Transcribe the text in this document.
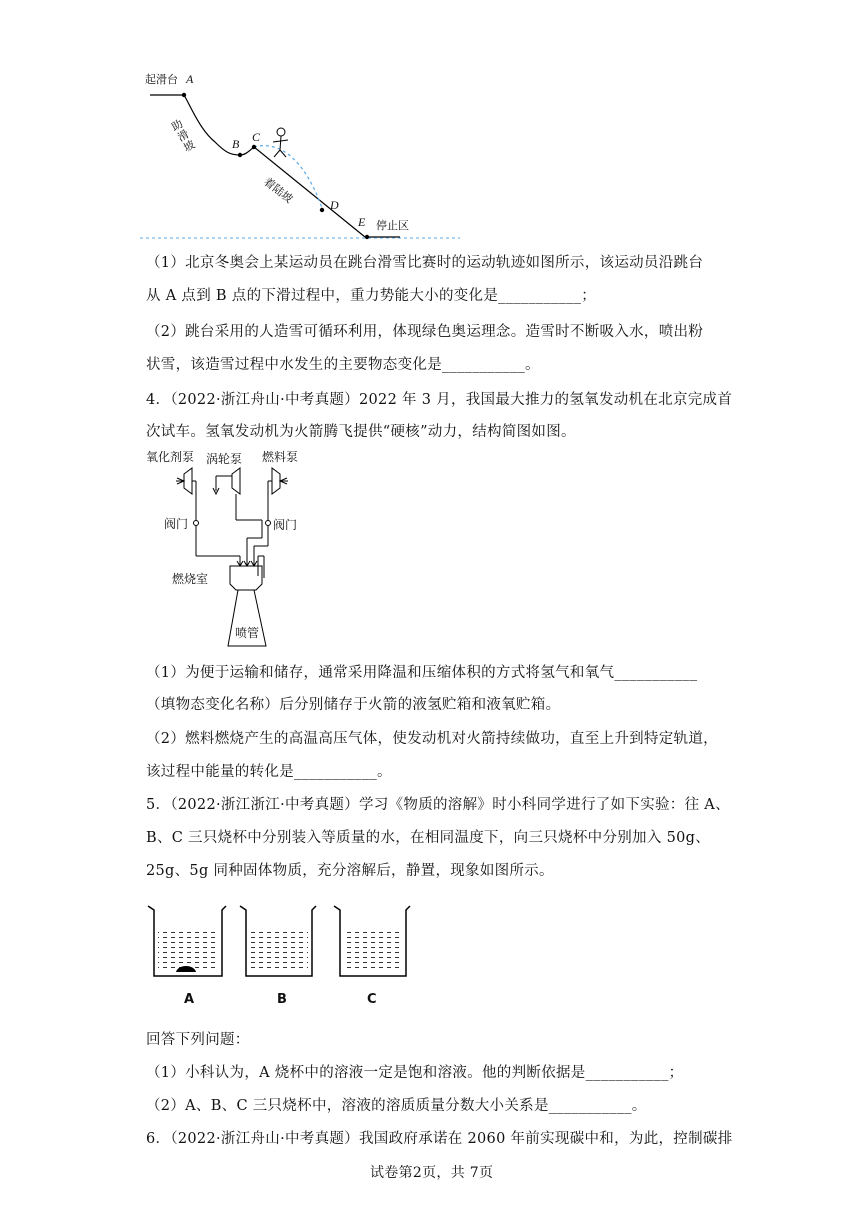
起滑台 A
B C
D
E 停止区
助滑坡
着陆坡
（1）北京冬奥会上某运动员在跳台滑雪比赛时的运动轨迹如图所示，该运动员沿跳台
从 A 点到 B 点的下滑过程中，重力势能大小的变化是___________；
（2）跳台采用的人造雪可循环利用，体现绿色奥运理念。造雪时不断吸入水，喷出粉
状雪，该造雪过程中水发生的主要物态变化是___________。
4．（2022·浙江舟山·中考真题）2022 年 3 月，我国最大推力的氢氧发动机在北京完成首
次试车。氢氧发动机为火箭腾飞提供“硬核”动力，结构简图如图。
氧化剂泵 涡轮泵 燃料泵
阀门	阀门
燃烧室
喷管
（1）为便于运输和储存，通常采用降温和压缩体积的方式将氢气和氧气___________
（填物态变化名称）后分别储存于火箭的液氢贮箱和液氧贮箱。
（2）燃料燃烧产生的高温高压气体，使发动机对火箭持续做功，直至上升到特定轨道，
该过程中能量的转化是___________。
5．（2022·浙江浙江·中考真题）学习《物质的溶解》时小科同学进行了如下实验：往 A、
B、C 三只烧杯中分别装入等质量的水，在相同温度下，向三只烧杯中分别加入 50g、
25g、5g 同种固体物质，充分溶解后，静置，现象如图所示。
A	B	C
回答下列问题：
（1）小科认为，A 烧杯中的溶液一定是饱和溶液。他的判断依据是___________；
（2）A、B、C 三只烧杯中，溶液的溶质质量分数大小关系是___________。
6．（2022·浙江舟山·中考真题）我国政府承诺在 2060 年前实现碳中和，为此，控制碳排
试卷第2页，共 7页
